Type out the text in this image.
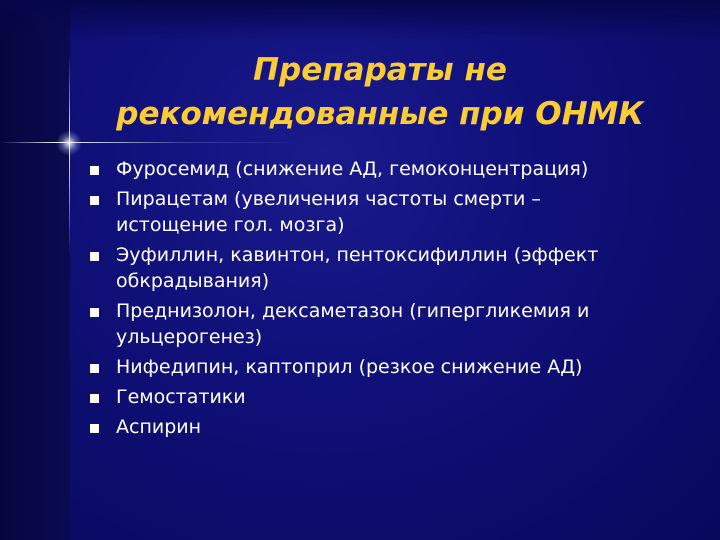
Препараты не
рекомендованные при ОНМК
Фуросемид (снижение АД, гемоконцентрация)
Пирацетам (увеличения частоты смерти –
истощение гол. мозга)
Эуфиллин, кавинтон, пентоксифиллин (эффект
обкрадывания)
Преднизолон, дексаметазон (гипергликемия и
ульцерогенез)
Нифедипин, каптоприл (резкое снижение АД)
Гемостатики
Аспирин
